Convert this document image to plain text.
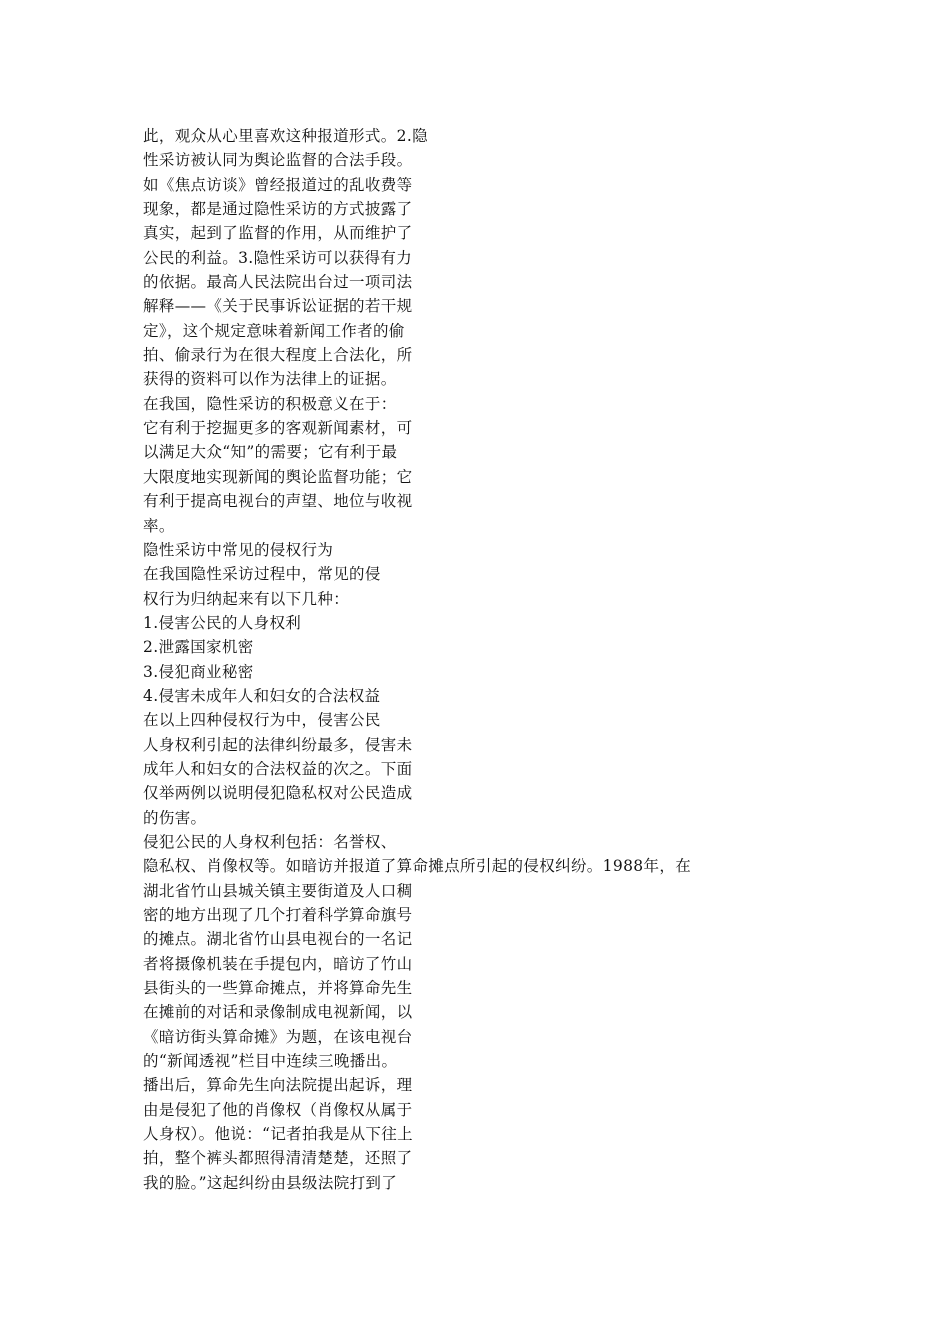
此，观众从心里喜欢这种报道形式。2.隐
性采访被认同为舆论监督的合法手段。
如《焦点访谈》曾经报道过的乱收费等
现象，都是通过隐性采访的方式披露了
真实，起到了监督的作用，从而维护了
公民的利益。3.隐性采访可以获得有力
的依据。最高人民法院出台过一项司法
解释——《关于民事诉讼证据的若干规
定》，这个规定意味着新闻工作者的偷
拍、偷录行为在很大程度上合法化，所
获得的资料可以作为法律上的证据。
在我国，隐性采访的积极意义在于：
它有利于挖掘更多的客观新闻素材，可
以满足大众“知”的需要；它有利于最
大限度地实现新闻的舆论监督功能；它
有利于提高电视台的声望、地位与收视
率。
隐性采访中常见的侵权行为
在我国隐性采访过程中，常见的侵
权行为归纳起来有以下几种：
1.侵害公民的人身权利
2.泄露国家机密
3.侵犯商业秘密
4.侵害未成年人和妇女的合法权益
在以上四种侵权行为中，侵害公民
人身权利引起的法律纠纷最多，侵害未
成年人和妇女的合法权益的次之。下面
仅举两例以说明侵犯隐私权对公民造成
的伤害。
侵犯公民的人身权利包括：名誉权、
隐私权、肖像权等。如暗访并报道了算命摊点所引起的侵权纠纷。1988年，在
湖北省竹山县城关镇主要街道及人口稠
密的地方出现了几个打着科学算命旗号
的摊点。湖北省竹山县电视台的一名记
者将摄像机装在手提包内，暗访了竹山
县街头的一些算命摊点，并将算命先生
在摊前的对话和录像制成电视新闻，以
《暗访街头算命摊》为题，在该电视台
的“新闻透视”栏目中连续三晚播出。
播出后，算命先生向法院提出起诉，理
由是侵犯了他的肖像权（肖像权从属于
人身权）。他说：“记者拍我是从下往上
拍，整个裤头都照得清清楚楚，还照了
我的脸。”这起纠纷由县级法院打到了
